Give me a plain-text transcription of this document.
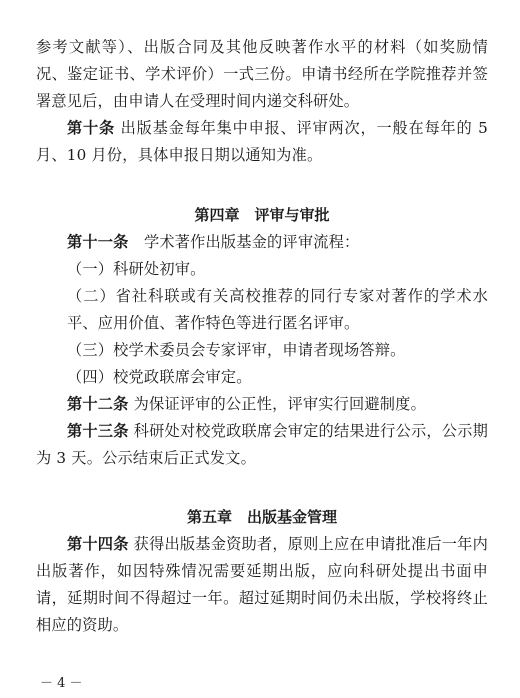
参考文献等）、出版合同及其他反映著作水平的材料（如奖励情况、鉴定证书、学术评价）一式三份。申请书经所在学院推荐并签署意见后，由申请人在受理时间内递交科研处。

第十条 出版基金每年集中申报、评审两次，一般在每年的 5 月、10 月份，具体申报日期以通知为准。

第四章　评审与审批

第十一条　学术著作出版基金的评审流程：

（一）科研处初审。

（二）省社科联或有关高校推荐的同行专家对著作的学术水平、应用价值、著作特色等进行匿名评审。

（三）校学术委员会专家评审，申请者现场答辩。

（四）校党政联席会审定。

第十二条 为保证评审的公正性，评审实行回避制度。

第十三条 科研处对校党政联席会审定的结果进行公示，公示期为 3 天。公示结束后正式发文。

第五章　出版基金管理

第十四条 获得出版基金资助者，原则上应在申请批准后一年内出版著作，如因特殊情况需要延期出版，应向科研处提出书面申请，延期时间不得超过一年。超过延期时间仍未出版，学校将终止相应的资助。

－ 4 －
